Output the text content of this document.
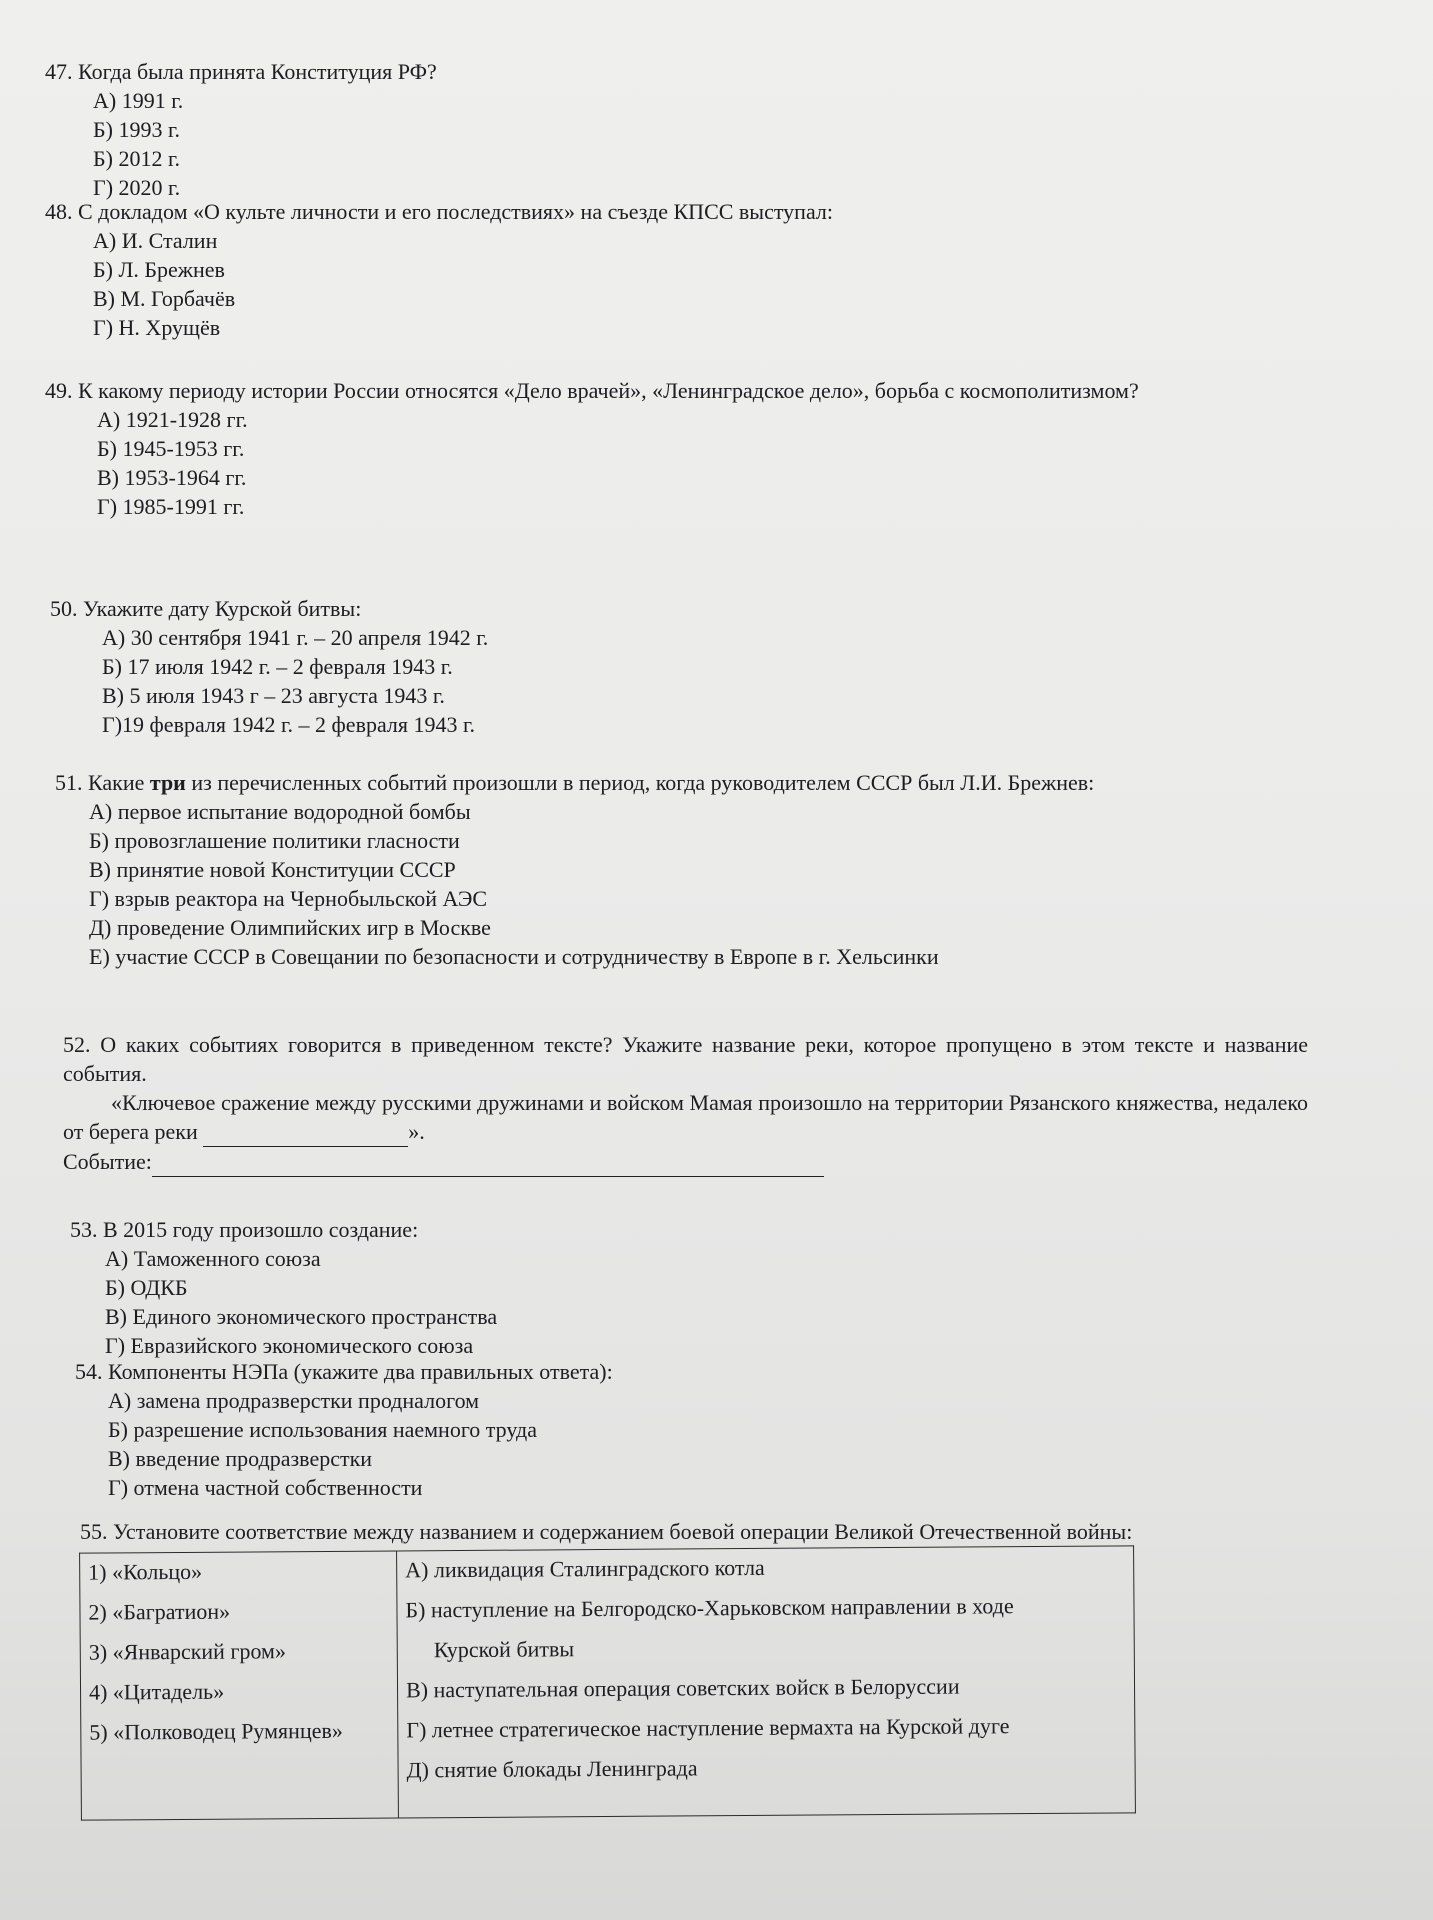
47. Когда была принята Конституция РФ?
А) 1991 г.
Б) 1993 г.
Б) 2012 г.
Г) 2020 г.
48. С докладом «О культе личности и его последствиях» на съезде КПСС выступал:
А) И. Сталин
Б) Л. Брежнев
В) М. Горбачёв
Г) Н. Хрущёв
49. К какому периоду истории России относятся «Дело врачей», «Ленинградское дело», борьба с космополитизмом?
А) 1921-1928 гг.
Б) 1945-1953 гг.
В) 1953-1964 гг.
Г) 1985-1991 гг.
50. Укажите дату Курской битвы:
А) 30 сентября 1941 г. – 20 апреля 1942 г.
Б) 17 июля 1942 г. – 2 февраля 1943 г.
В) 5 июля 1943 г – 23 августа 1943 г.
Г)19 февраля 1942 г. – 2 февраля 1943 г.
51. Какие три из перечисленных событий произошли в период, когда руководителем СССР был Л.И. Брежнев:
А) первое испытание водородной бомбы
Б) провозглашение политики гласности
В) принятие новой Конституции СССР
Г) взрыв реактора на Чернобыльской АЭС
Д) проведение Олимпийских игр в Москве
Е) участие СССР в Совещании по безопасности и сотрудничеству в Европе в г. Хельсинки
52. О каких событиях говорится в приведенном тексте? Укажите название реки, которое пропущено в этом тексте и название события.
«Ключевое сражение между русскими дружинами и войском Мамая произошло на территории Рязанского княжества, недалеко от берега реки	».
Событие:
53. В 2015 году произошло создание:
А) Таможенного союза
Б) ОДКБ
В) Единого экономического пространства
Г) Евразийского экономического союза
54. Компоненты НЭПа (укажите два правильных ответа):
А) замена продразверстки продналогом
Б) разрешение использования наемного труда
В) введение продразверстки
Г) отмена частной собственности
55. Установите соответствие между названием и содержанием боевой операции Великой Отечественной войны:
1) «Кольцо»
2) «Багратион»
3) «Январский гром»
4) «Цитадель»
5) «Полководец Румянцев»

А) ликвидация Сталинградского котла
Б) наступление на Белгородско-Харьковском направлении в ходе
Курской битвы
В) наступательная операция советских войск в Белоруссии
Г) летнее стратегическое наступление вермахта на Курской дуге
Д) снятие блокады Ленинграда
